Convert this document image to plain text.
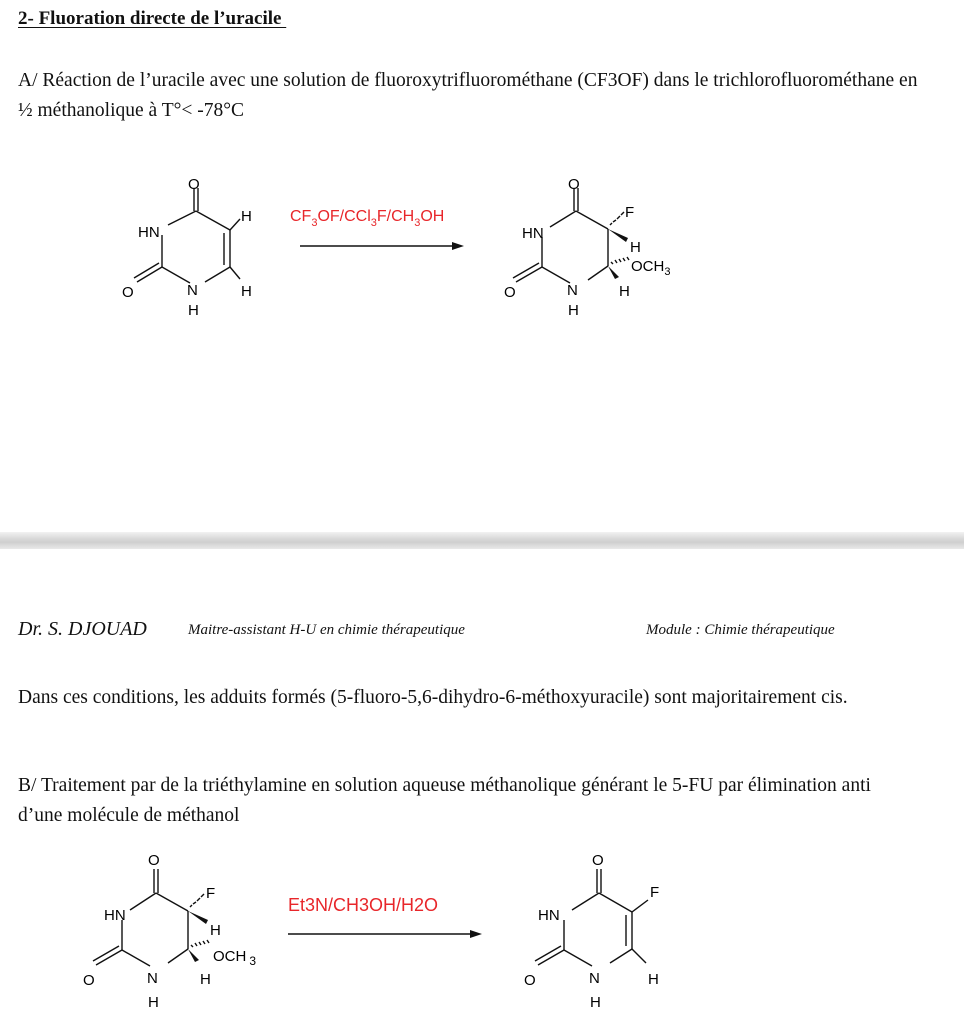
2- Fluoration directe de l’uracile
A/ Réaction de l’uracile avec une solution de fluoroxytrifluorométhane (CF3OF) dans le trichlorofluorométhane en ½ méthanolique à T°< -78°C
O
H
HN
O	N
H
H
$CF_3OF/CCl_3F/CH_3OH$
O
F
H
$OCH_3$
HN
O	N
H
H
Dr. S. DJOUAD	Maitre-assistant H-U en chimie thérapeutique	Module : Chimie thérapeutique
Dans ces conditions, les adduits formés (5-fluoro-5,6-dihydro-6-méthoxyuracile) sont majoritairement cis.
B/ Traitement par de la triéthylamine en solution aqueuse méthanolique générant le 5-FU par élimination anti d’une molécule de méthanol
O
F
H
OCH $_3$
HN
O	N
H
H
Et3N/CH3OH/H2O
O
F
HN
O	N
H
H
